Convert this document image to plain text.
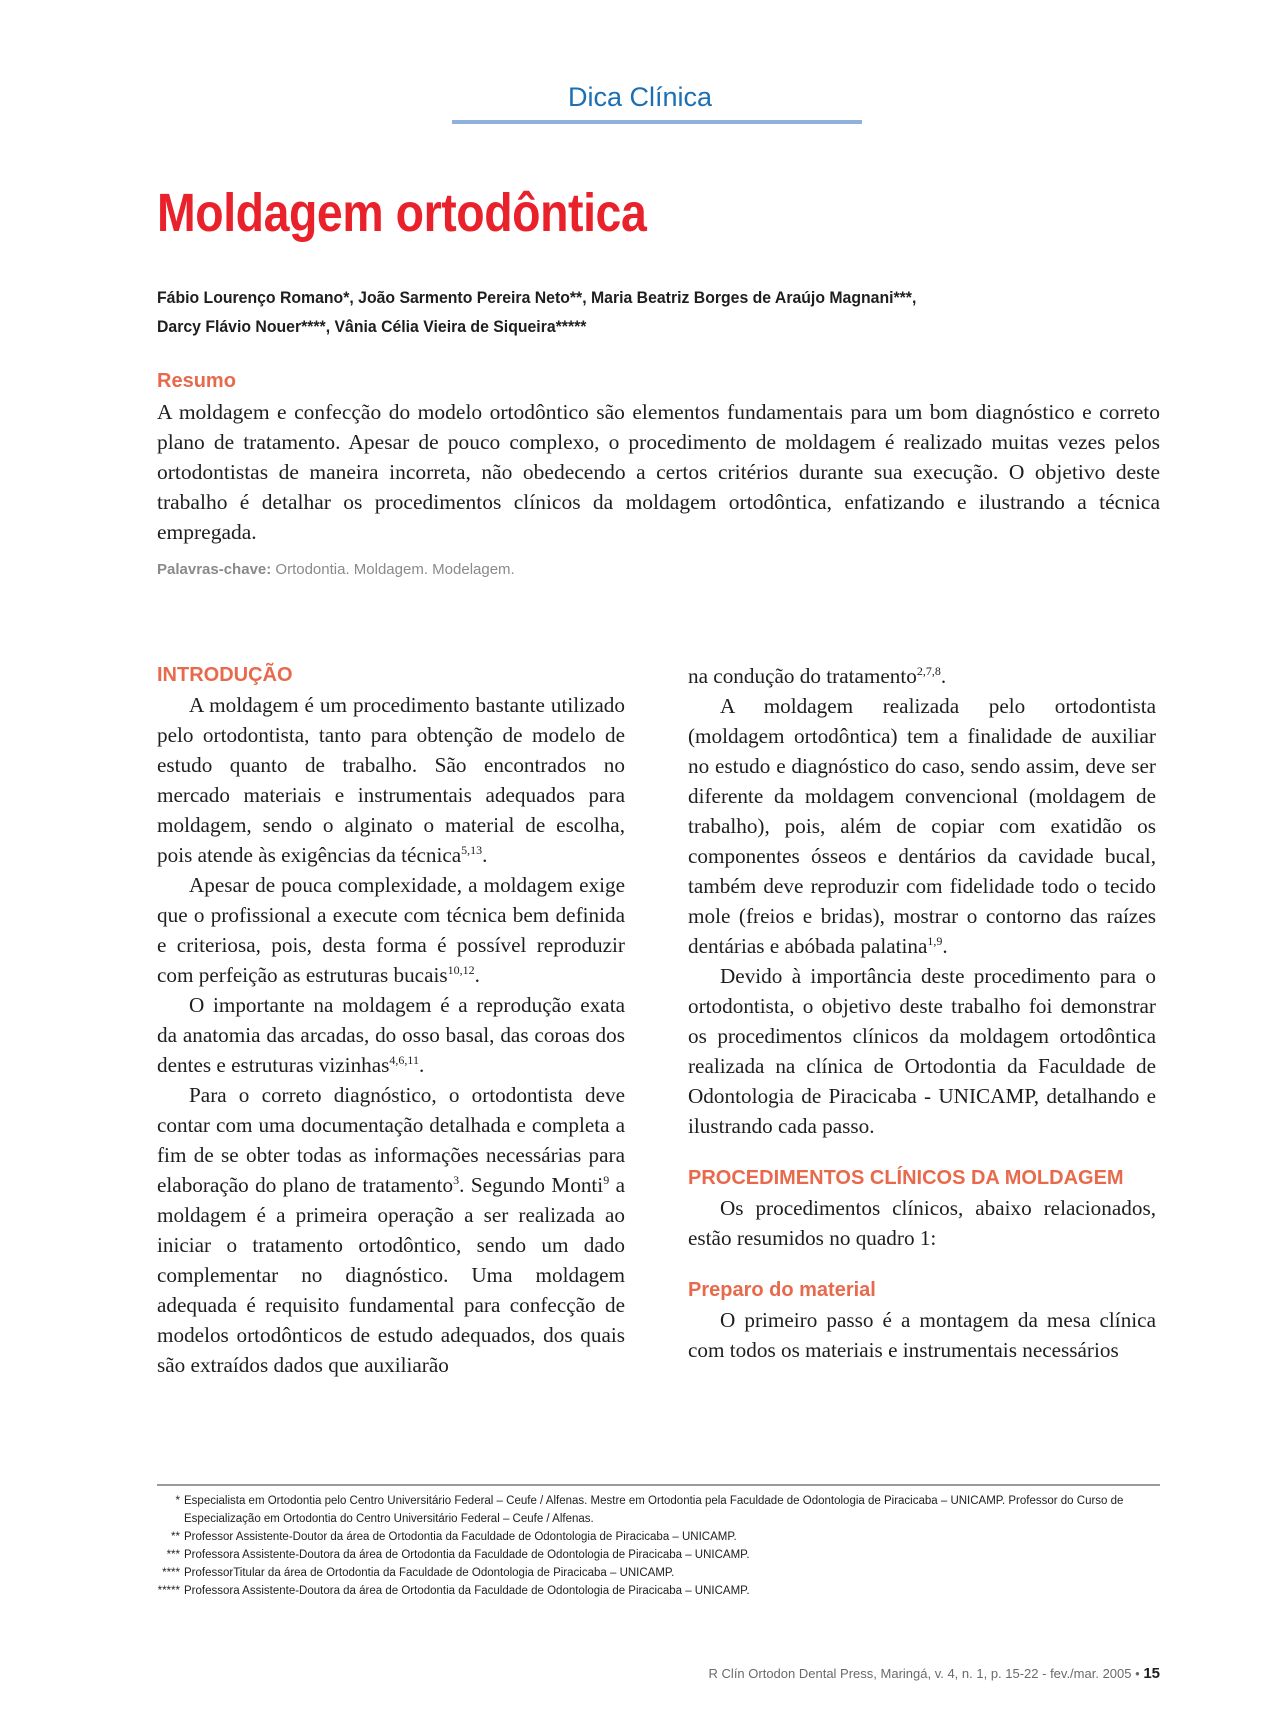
Dica Clínica
Moldagem ortodôntica
Fábio Lourenço Romano*, João Sarmento Pereira Neto**, Maria Beatriz Borges de Araújo Magnani***,
Darcy Flávio Nouer****, Vânia Célia Vieira de Siqueira*****
Resumo

A moldagem e confecção do modelo ortodôntico são elementos fundamentais para um bom diagnóstico e correto plano de tratamento. Apesar de pouco complexo, o procedimento de moldagem é realizado muitas vezes pelos ortodontistas de maneira incorreta, não obedecendo a certos critérios durante sua execução. O objetivo deste trabalho é detalhar os procedimentos clínicos da moldagem ortodôntica, enfatizando e ilustrando a técnica empregada.

Palavras-chave: Ortodontia. Moldagem. Modelagem.
INTRODUÇÃO

A moldagem é um procedimento bastante utilizado pelo ortodontista, tanto para obtenção de modelo de estudo quanto de trabalho. São encontrados no mercado materiais e instrumentais adequados para moldagem, sendo o alginato o material de escolha, pois atende às exigências da técnica$^{5,13}$.

Apesar de pouca complexidade, a moldagem exige que o profissional a execute com técnica bem definida e criteriosa, pois, desta forma é possível reproduzir com perfeição as estruturas bucais$^{10,12}$.

O importante na moldagem é a reprodução exata da anatomia das arcadas, do osso basal, das coroas dos dentes e estruturas vizinhas$^{4,6,11}$.

Para o correto diagnóstico, o ortodontista deve contar com uma documentação detalhada e completa a fim de se obter todas as informações necessárias para elaboração do plano de tratamento$^3$. Segundo Monti$^9$ a moldagem é a primeira operação a ser realizada ao iniciar o tratamento ortodôntico, sendo um dado complementar no diagnóstico. Uma moldagem adequada é requisito fundamental para confecção de modelos ortodônticos de estudo adequados, dos quais são extraídos dados que auxiliarão

na condução do tratamento$^{2,7,8}$.

A moldagem realizada pelo ortodontista (moldagem ortodôntica) tem a finalidade de auxiliar no estudo e diagnóstico do caso, sendo assim, deve ser diferente da moldagem convencional (moldagem de trabalho), pois, além de copiar com exatidão os componentes ósseos e dentários da cavidade bucal, também deve reproduzir com fidelidade todo o tecido mole (freios e bridas), mostrar o contorno das raízes dentárias e abóbada palatina$^{1,9}$.

Devido à importância deste procedimento para o ortodontista, o objetivo deste trabalho foi demonstrar os procedimentos clínicos da moldagem ortodôntica realizada na clínica de Ortodontia da Faculdade de Odontologia de Piracicaba - UNICAMP, detalhando e ilustrando cada passo.

PROCEDIMENTOS CLÍNICOS DA MOLDAGEM

Os procedimentos clínicos, abaixo relacionados, estão resumidos no quadro 1:

Preparo do material

O primeiro passo é a montagem da mesa clínica com todos os materiais e instrumentais necessários

* Especialista em Ortodontia pelo Centro Universitário Federal – Ceufe / Alfenas. Mestre em Ortodontia pela Faculdade de Odontologia de Piracicaba – UNICAMP. Professor do Curso de Especialização em Ortodontia do Centro Universitário Federal – Ceufe / Alfenas.
** Professor Assistente-Doutor da área de Ortodontia da Faculdade de Odontologia de Piracicaba – UNICAMP.
*** Professora Assistente-Doutora da área de Ortodontia da Faculdade de Odontologia de Piracicaba – UNICAMP.
**** ProfessorTitular da área de Ortodontia da Faculdade de Odontologia de Piracicaba – UNICAMP.
***** Professora Assistente-Doutora da área de Ortodontia da Faculdade de Odontologia de Piracicaba – UNICAMP.
R Clín Ortodon Dental Press, Maringá, v. 4, n. 1, p. 15-22 - fev./mar. 2005 • 15
